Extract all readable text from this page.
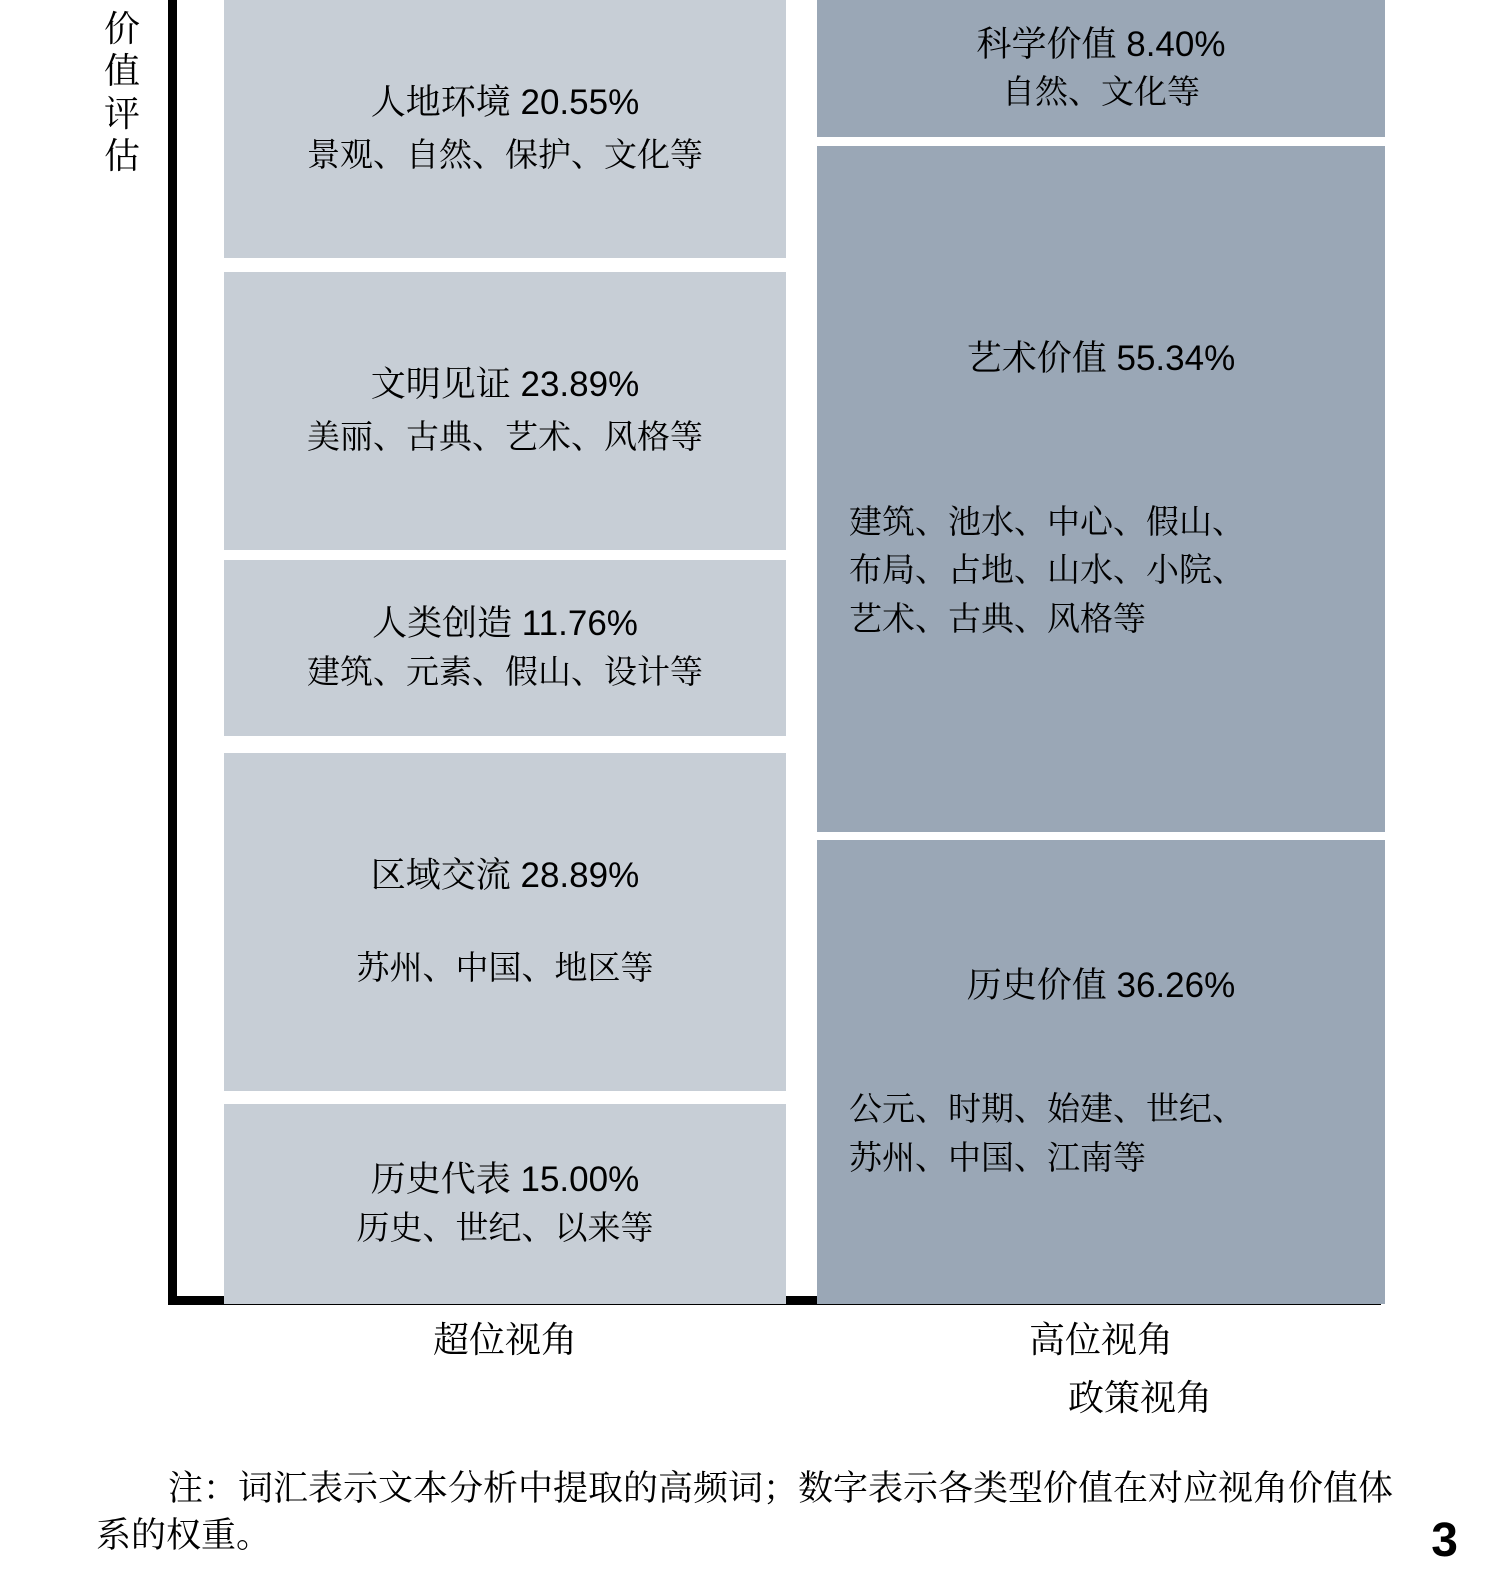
价
值
评
估
人地环境 20.55%
景观、自然、保护、文化等
文明见证 23.89%
美丽、古典、艺术、风格等
人类创造 11.76%
建筑、元素、假山、设计等
区域交流 28.89%
苏州、中国、地区等
历史代表 15.00%
历史、世纪、以来等
科学价值 8.40%
自然、文化等
艺术价值 55.34%
建筑、池水、中心、假山、
布局、占地、山水、小院、
艺术、古典、风格等
历史价值 36.26%
公元、时期、始建、世纪、
苏州、中国、江南等
超位视角	高位视角
政策视角
注：词汇表示文本分析中提取的高频词；数字表示各类型价值在对应视角价值体系的权重。	3
